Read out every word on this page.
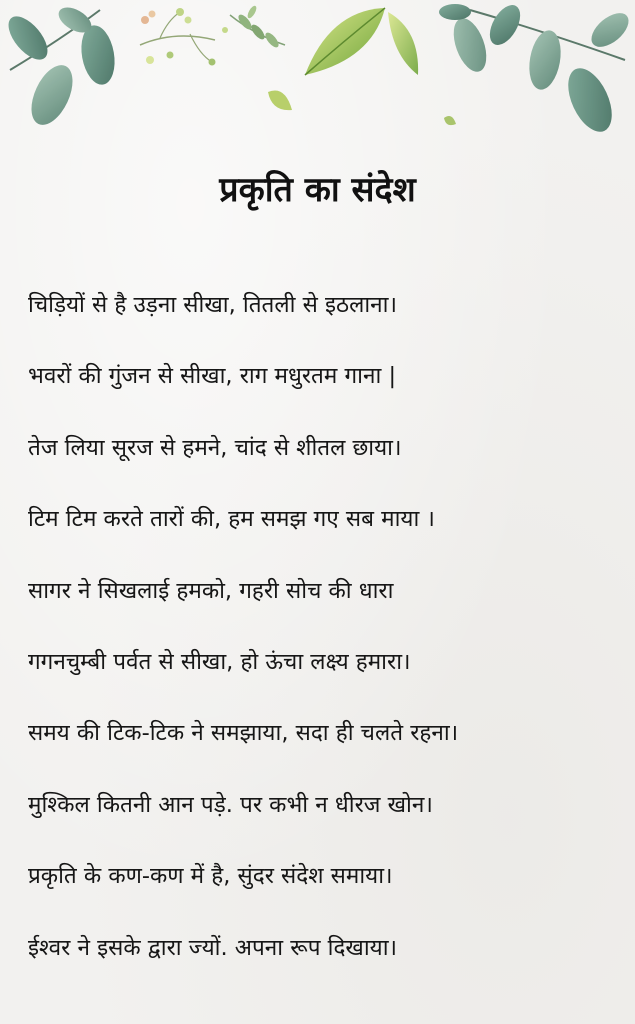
प्रकृति का संदेश
चिड़ियों से है उड़ना सीखा, तितली से इठलाना।
भवरों की गुंजन से सीखा, राग मधुरतम गाना |
तेज लिया सूरज से हमने, चांद से शीतल छाया।
टिम टिम करते तारों की, हम समझ गए सब माया ।
सागर ने सिखलाई हमको, गहरी सोच की धारा
गगनचुम्बी पर्वत से सीखा, हो ऊंचा लक्ष्य हमारा।
समय की टिक-टिक ने समझाया, सदा ही चलते रहना।
मुश्किल कितनी आन पड़े. पर कभी न धीरज खोन।
प्रकृति के कण-कण में है, सुंदर संदेश समाया।
ईश्वर ने इसके द्वारा ज्यों. अपना रूप दिखाया।
